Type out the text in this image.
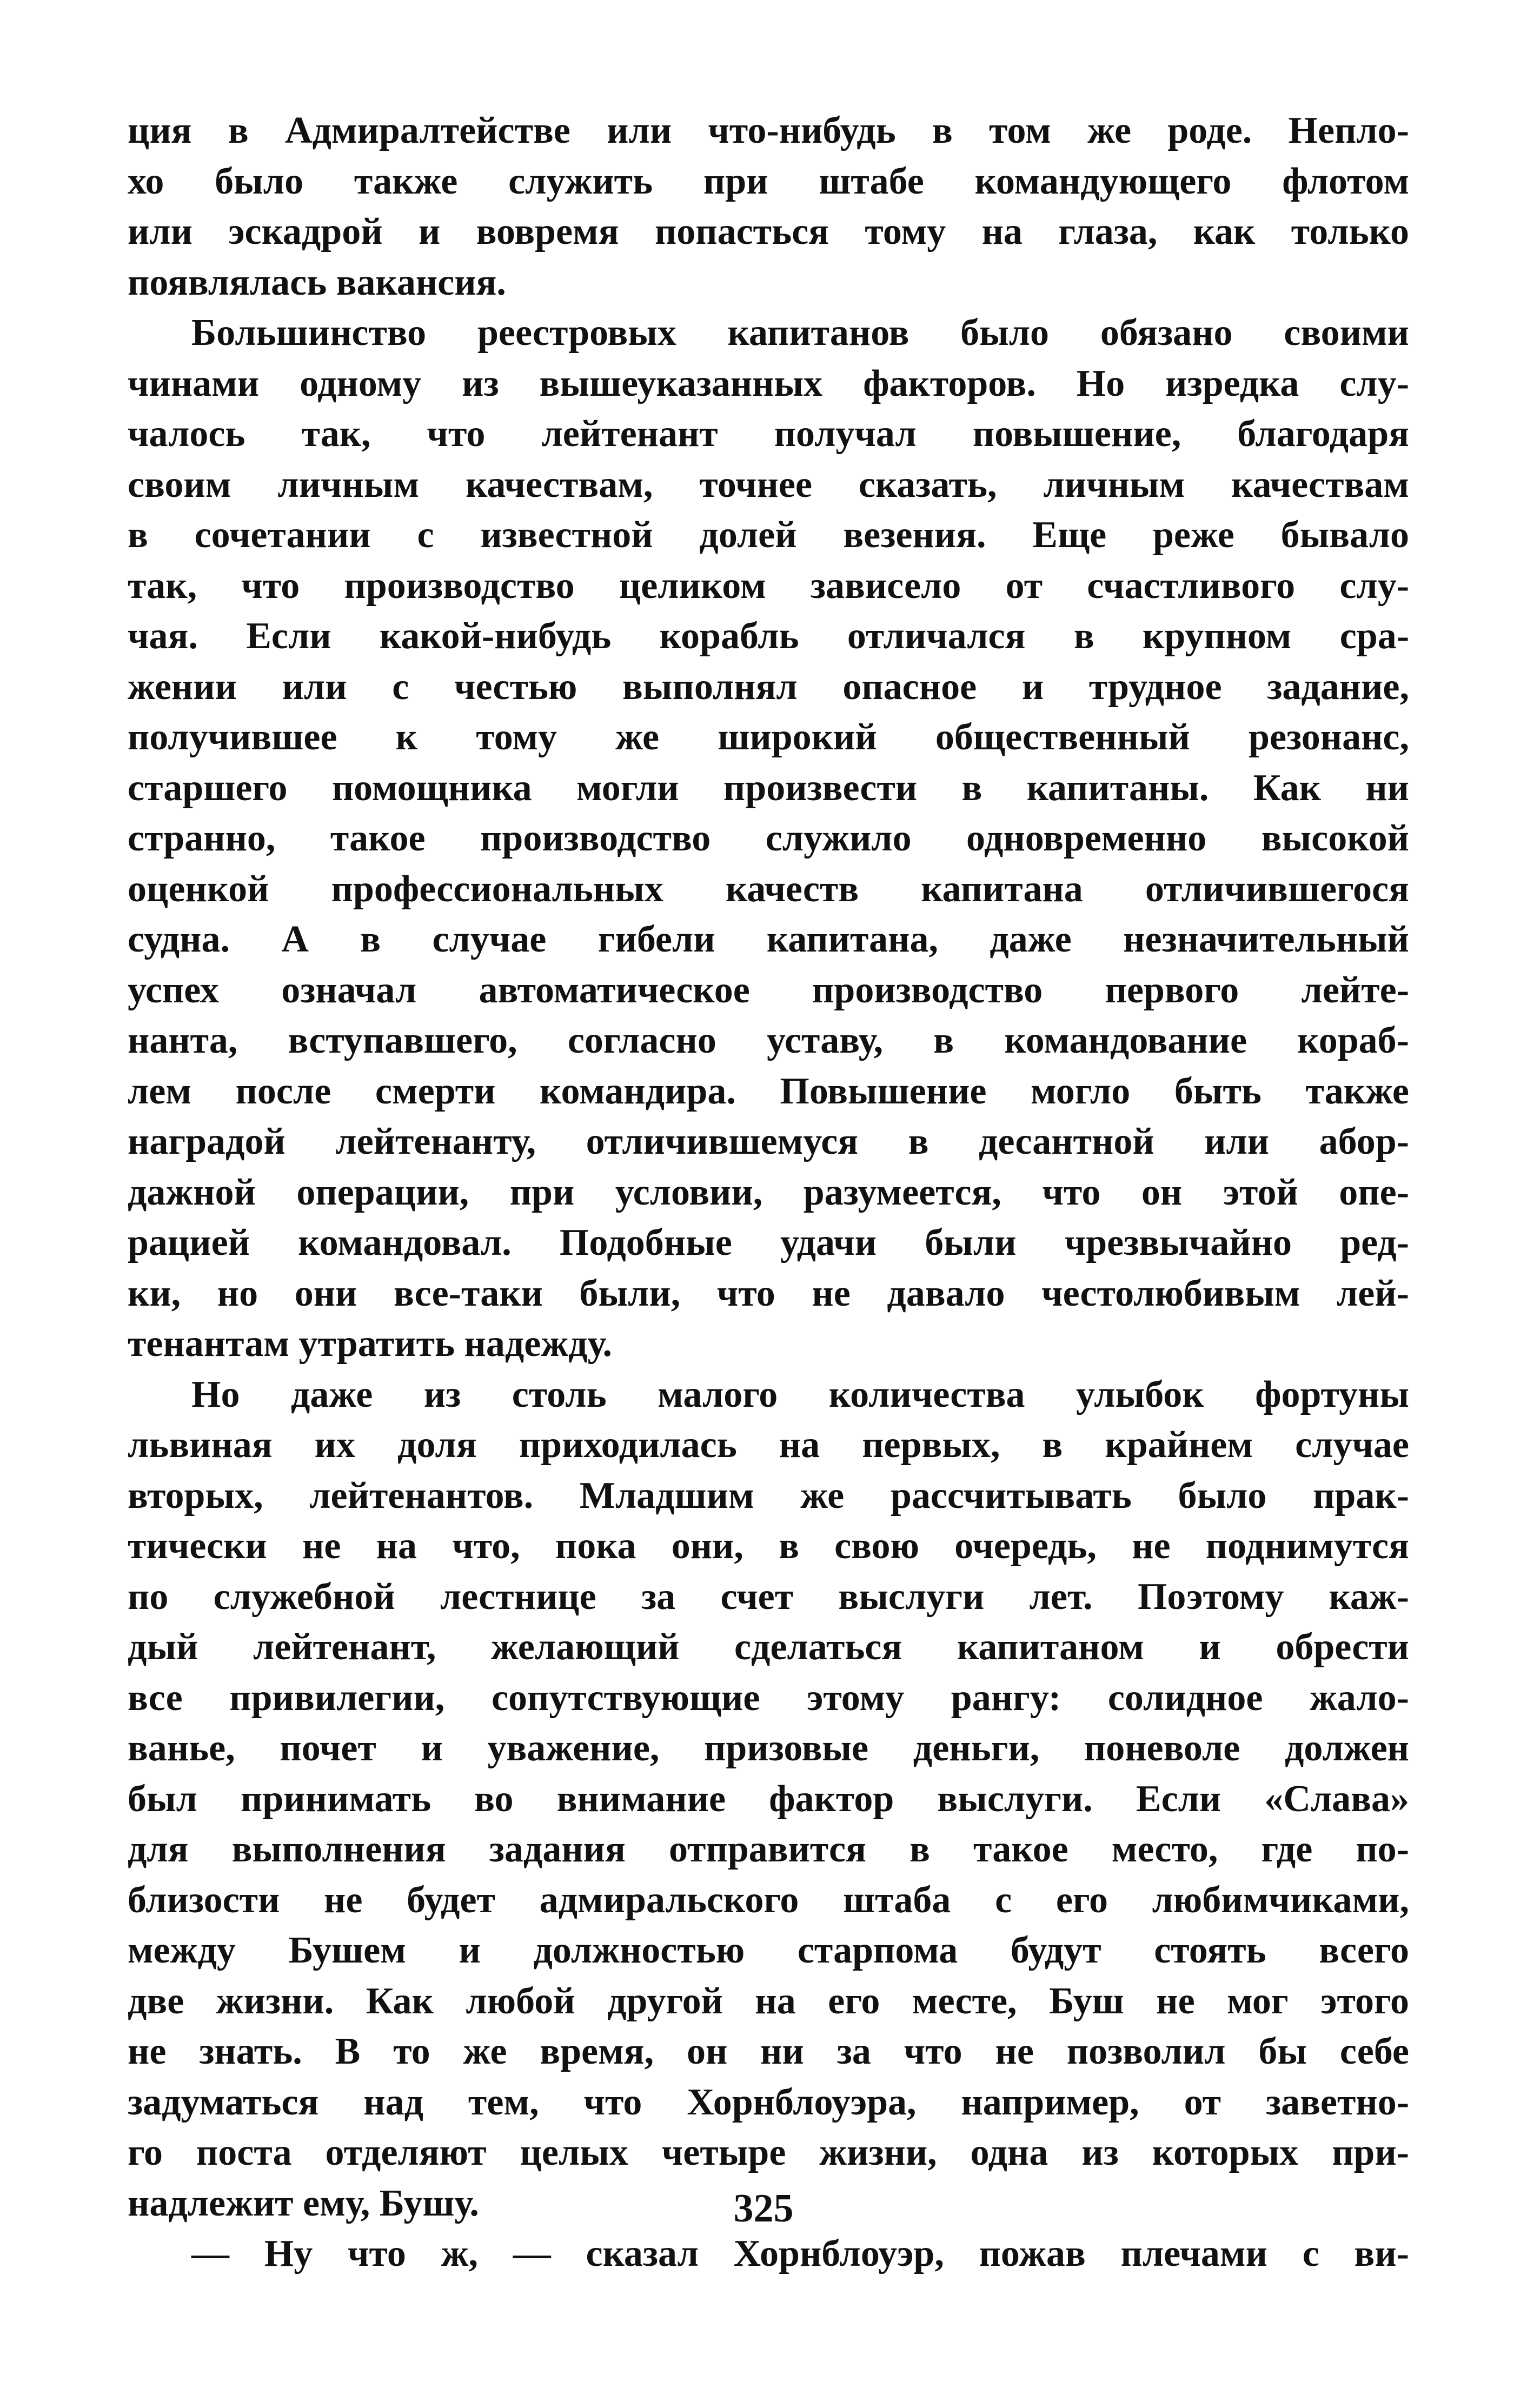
ция в Адмиралтействе или что-нибудь в том же роде. Непло-
хо было также служить при штабе командующего флотом
или эскадрой и вовремя попасться тому на глаза, как только
появлялась вакансия.
Большинство реестровых капитанов было обязано своими
чинами одному из вышеуказанных факторов. Но изредка слу-
чалось так, что лейтенант получал повышение, благодаря
своим личным качествам, точнее сказать, личным качествам
в сочетании с известной долей везения. Еще реже бывало
так, что производство целиком зависело от счастливого слу-
чая. Если какой-нибудь корабль отличался в крупном сра-
жении или с честью выполнял опасное и трудное задание,
получившее к тому же широкий общественный резонанс,
старшего помощника могли произвести в капитаны. Как ни
странно, такое производство служило одновременно высокой
оценкой профессиональных качеств капитана отличившегося
судна. А в случае гибели капитана, даже незначительный
успех означал автоматическое производство первого лейте-
нанта, вступавшего, согласно уставу, в командование кораб-
лем после смерти командира. Повышение могло быть также
наградой лейтенанту, отличившемуся в десантной или абор-
дажной операции, при условии, разумеется, что он этой опе-
рацией командовал. Подобные удачи были чрезвычайно ред-
ки, но они все-таки были, что не давало честолюбивым лей-
тенантам утратить надежду.
Но даже из столь малого количества улыбок фортуны
львиная их доля приходилась на первых, в крайнем случае
вторых, лейтенантов. Младшим же рассчитывать было прак-
тически не на что, пока они, в свою очередь, не поднимутся
по служебной лестнице за счет выслуги лет. Поэтому каж-
дый лейтенант, желающий сделаться капитаном и обрести
все привилегии, сопутствующие этому рангу: солидное жало-
ванье, почет и уважение, призовые деньги, поневоле должен
был принимать во внимание фактор выслуги. Если «Слава»
для выполнения задания отправится в такое место, где по-
близости не будет адмиральского штаба с его любимчиками,
между Бушем и должностью старпома будут стоять всего
две жизни. Как любой другой на его месте, Буш не мог этого
не знать. В то же время, он ни за что не позволил бы себе
задуматься над тем, что Хорнблоуэра, например, от заветно-
го поста отделяют целых четыре жизни, одна из которых при-
надлежит ему, Бушу.
— Ну что ж, — сказал Хорнблоуэр, пожав плечами с ви-
325
